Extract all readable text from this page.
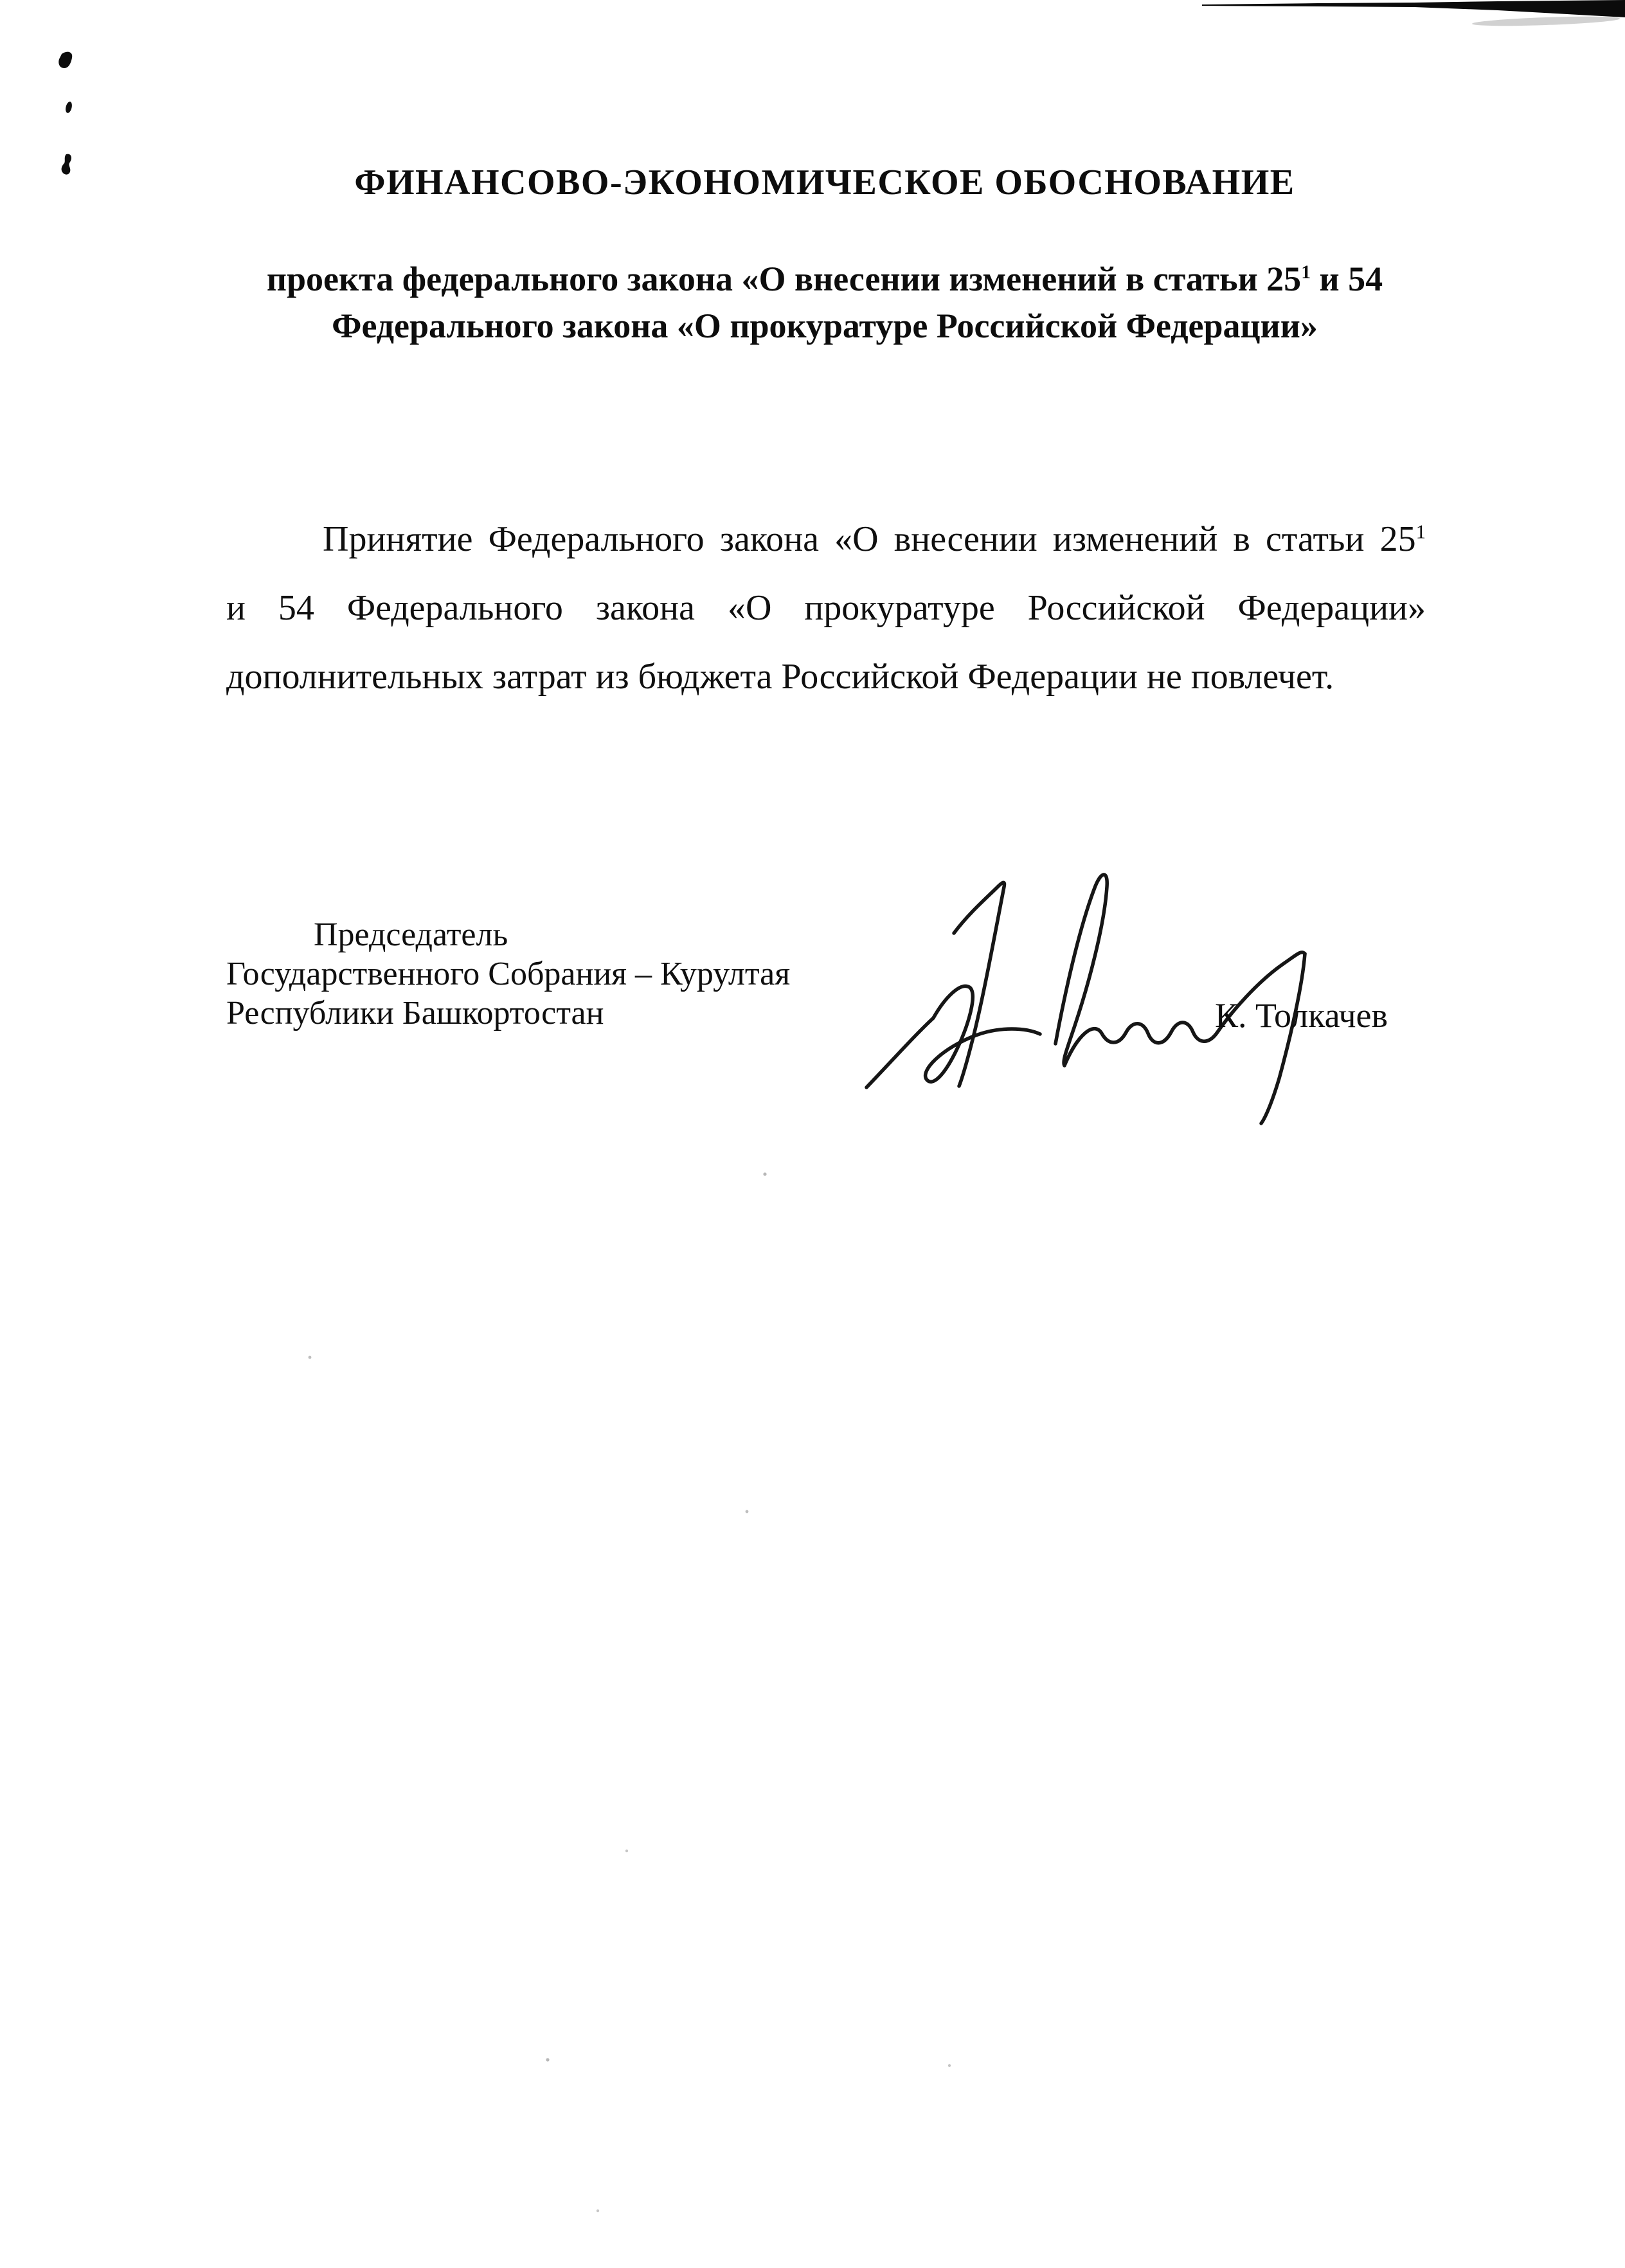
ФИНАНСОВО-ЭКОНОМИЧЕСКОЕ ОБОСНОВАНИЕ
проекта федерального закона «О внесении изменений в статьи $25^1$ и 54
Федерального закона «О прокуратуре Российской Федерации»
Принятие Федерального закона «О внесении изменений в статьи $25^1$
и 54 Федерального закона «О прокуратуре Российской Федерации»
дополнительных затрат из бюджета Российской Федерации не повлечет.
Председатель
Государственного Собрания – Курултая
Республики Башкортостан	К. Толкачев
